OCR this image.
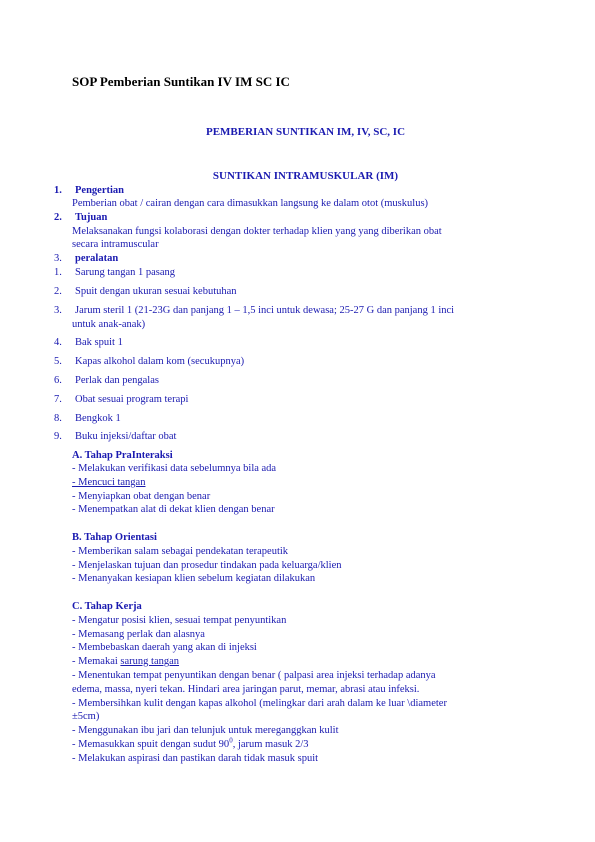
SOP Pemberian Suntikan IV IM SC IC
PEMBERIAN SUNTIKAN IM, IV, SC, IC
SUNTIKAN INTRAMUSKULAR (IM)
1. Pengertian
Pemberian obat / cairan dengan cara dimasukkan langsung ke dalam otot (muskulus)
2. Tujuan
Melaksanakan fungsi kolaborasi dengan dokter terhadap klien yang yang diberikan obat
secara intramuscular
3. peralatan
1. Sarung tangan 1 pasang
2. Spuit dengan ukuran sesuai kebutuhan
3. Jarum steril 1 (21-23G dan panjang 1 – 1,5 inci untuk dewasa; 25-27 G dan panjang 1 inci
untuk anak-anak)
4. Bak spuit 1
5. Kapas alkohol dalam kom (secukupnya)
6. Perlak dan pengalas
7. Obat sesuai program terapi
8. Bengkok 1
9. Buku injeksi/daftar obat
A. Tahap PraInteraksi
- Melakukan verifikasi data sebelumnya bila ada
- Mencuci tangan
- Menyiapkan obat dengan benar
- Menempatkan alat di dekat klien dengan benar
B. Tahap Orientasi
- Memberikan salam sebagai pendekatan terapeutik
- Menjelaskan tujuan dan prosedur tindakan pada keluarga/klien
- Menanyakan kesiapan klien sebelum kegiatan dilakukan
C. Tahap Kerja
- Mengatur posisi klien, sesuai tempat penyuntikan
- Memasang perlak dan alasnya
- Membebaskan daerah yang akan di injeksi
- Memakai sarung tangan
- Menentukan tempat penyuntikan dengan benar ( palpasi area injeksi terhadap adanya
edema, massa, nyeri tekan. Hindari area jaringan parut, memar, abrasi atau infeksi.
- Membersihkan kulit dengan kapas alkohol (melingkar dari arah dalam ke luar \diameter
±5cm)
- Menggunakan ibu jari dan telunjuk untuk mereganggkan kulit
- Memasukkan spuit dengan sudut $90^0$, jarum masuk 2/3
- Melakukan aspirasi dan pastikan darah tidak masuk spuit
